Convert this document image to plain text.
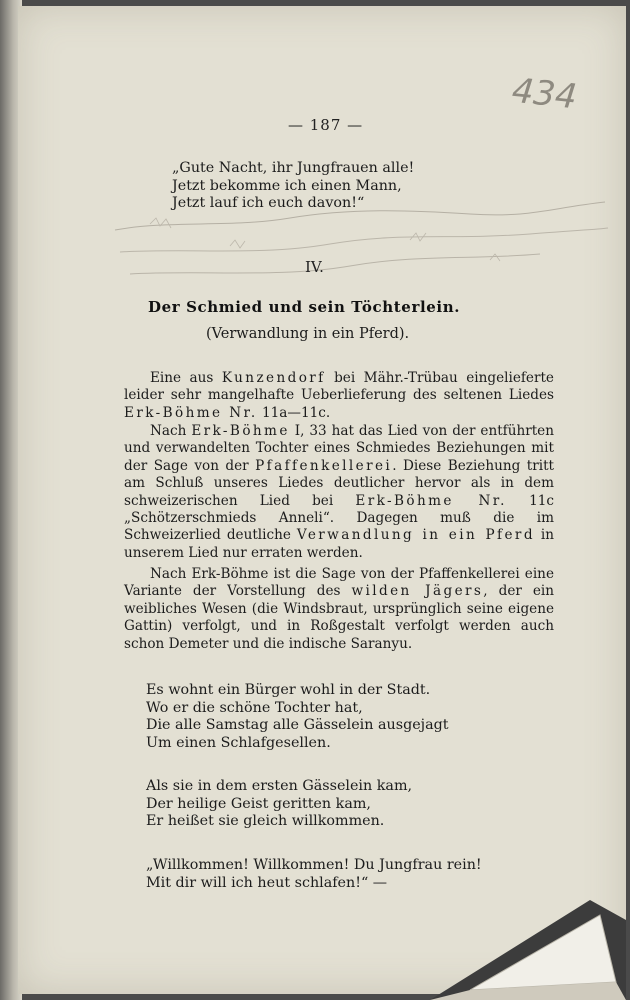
— 187 —
434
„Gute Nacht, ihr Jungfrauen alle!
Jetzt bekomme ich einen Mann,
Jetzt lauf ich euch davon!“
IV.
Der Schmied und sein Töchterlein.
(Verwandlung in ein Pferd).
Eine aus Kunzendorf bei Mähr.-Trübau eingelieferte leider sehr mangelhafte Ueberlieferung des seltenen Liedes Erk-Böhme Nr. 11a—11c.
Nach Erk-Böhme I, 33 hat das Lied von der entführten und verwandelten Tochter eines Schmiedes Beziehungen mit der Sage von der Pfaffenkellerei. Diese Beziehung tritt am Schluß unseres Liedes deutlicher hervor als in dem schweizerischen Lied bei Erk-Böhme Nr. 11c „Schötzerschmieds Anneli“. Dagegen muß die im Schweizerlied deutliche Verwandlung in ein Pferd in unserem Lied nur erraten werden.
Nach Erk-Böhme ist die Sage von der Pfaffenkellerei eine Variante der Vorstellung des wilden Jägers, der ein weibliches Wesen (die Windsbraut, ursprünglich seine eigene Gattin) verfolgt, und in Roßgestalt verfolgt werden auch schon Demeter und die indische Saranyu.
Es wohnt ein Bürger wohl in der Stadt.
Wo er die schöne Tochter hat,
Die alle Samstag alle Gässelein ausgejagt
Um einen Schlafgesellen.
Als sie in dem ersten Gässelein kam,
Der heilige Geist geritten kam,
Er heißet sie gleich willkommen.
„Willkommen! Willkommen! Du Jungfrau rein!
Mit dir will ich heut schlafen!“ —
